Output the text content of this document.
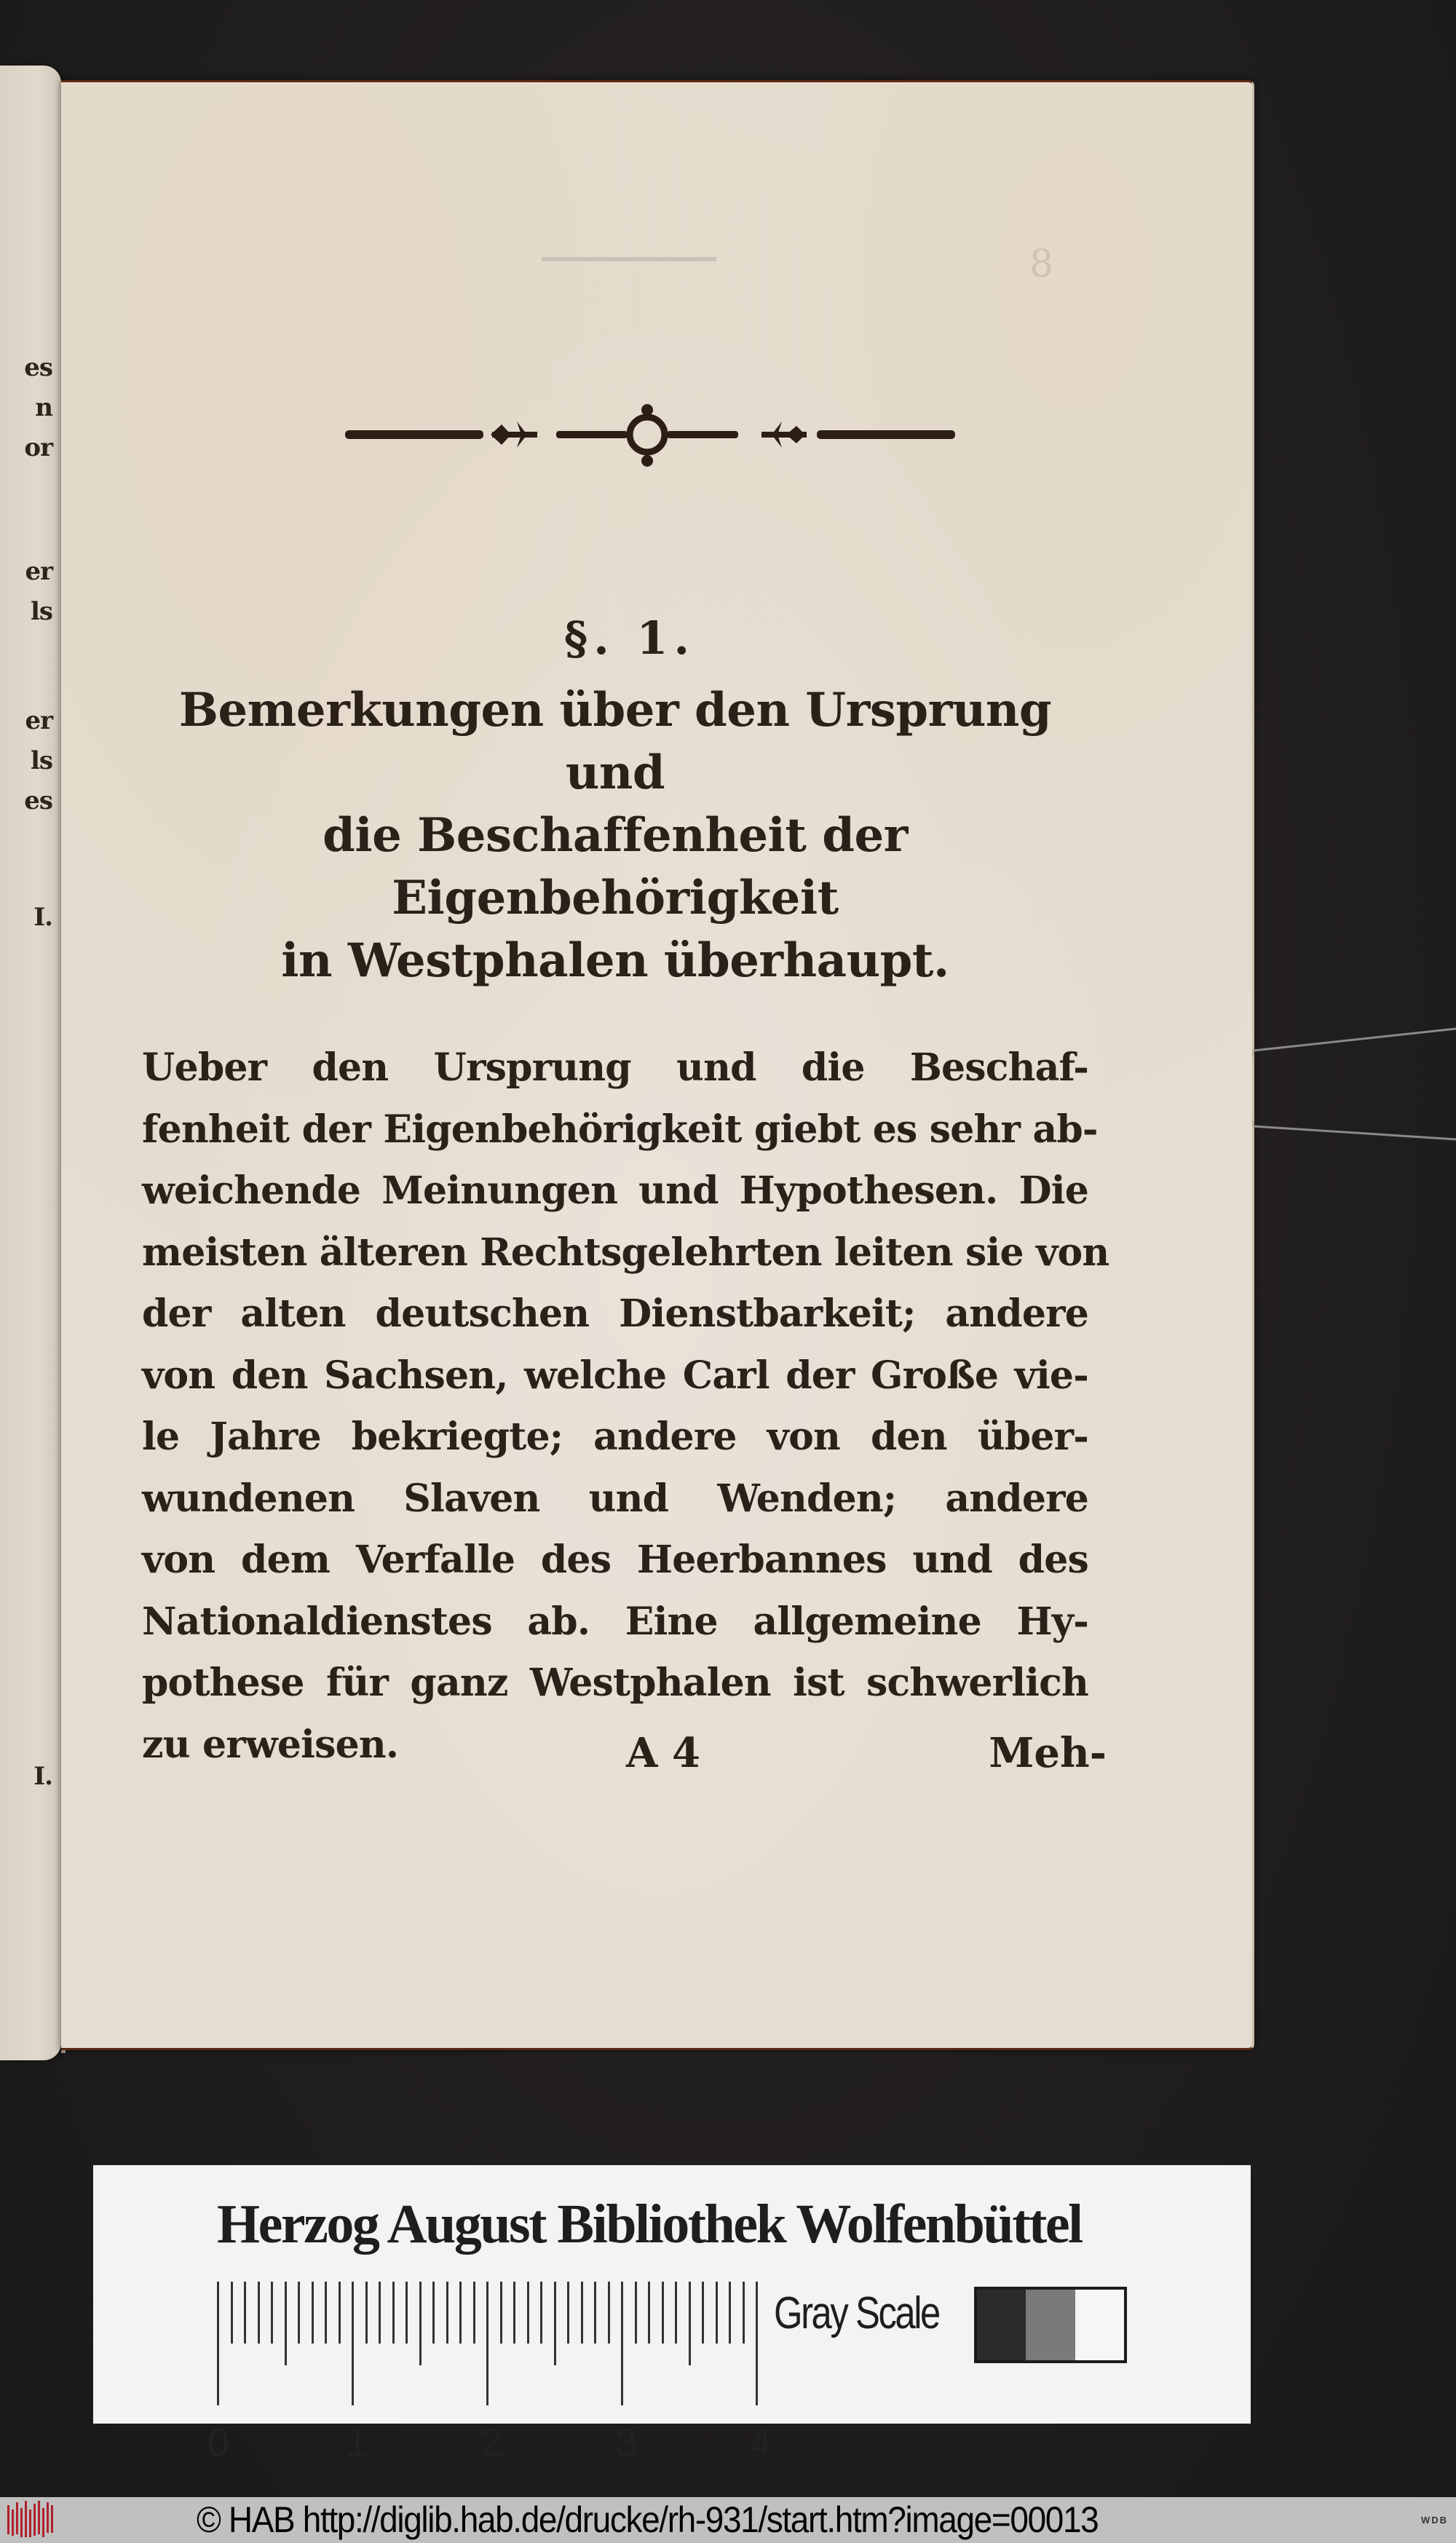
es
n
or
er
ls
er
ls
es
I.
I.
8
§. 1.
Bemerkungen über den Ursprung und
die Beschaffenheit der Eigenbehörigkeit
in Westphalen überhaupt.
Ueber den Ursprung und die Beschaf-
fenheit der Eigenbehörigkeit giebt es sehr ab-
weichende Meinungen und Hypothesen. Die
meisten älteren Rechtsgelehrten leiten sie von
der alten deutschen Dienstbarkeit; andere
von den Sachsen, welche Carl der Große vie-
le Jahre bekriegte; andere von den über-
wundenen Slaven und Wenden; andere
von dem Verfalle des Heerbannes und des
Nationaldienstes ab. Eine allgemeine Hy-
pothese für ganz Westphalen ist schwerlich
zu erweisen.	A 4	Meh-
Herzog August Bibliothek Wolfenbüttel
0	1	2	3	4
Gray Scale
© HAB http://diglib.hab.de/drucke/rh-931/start.htm?image=00013	WDB
